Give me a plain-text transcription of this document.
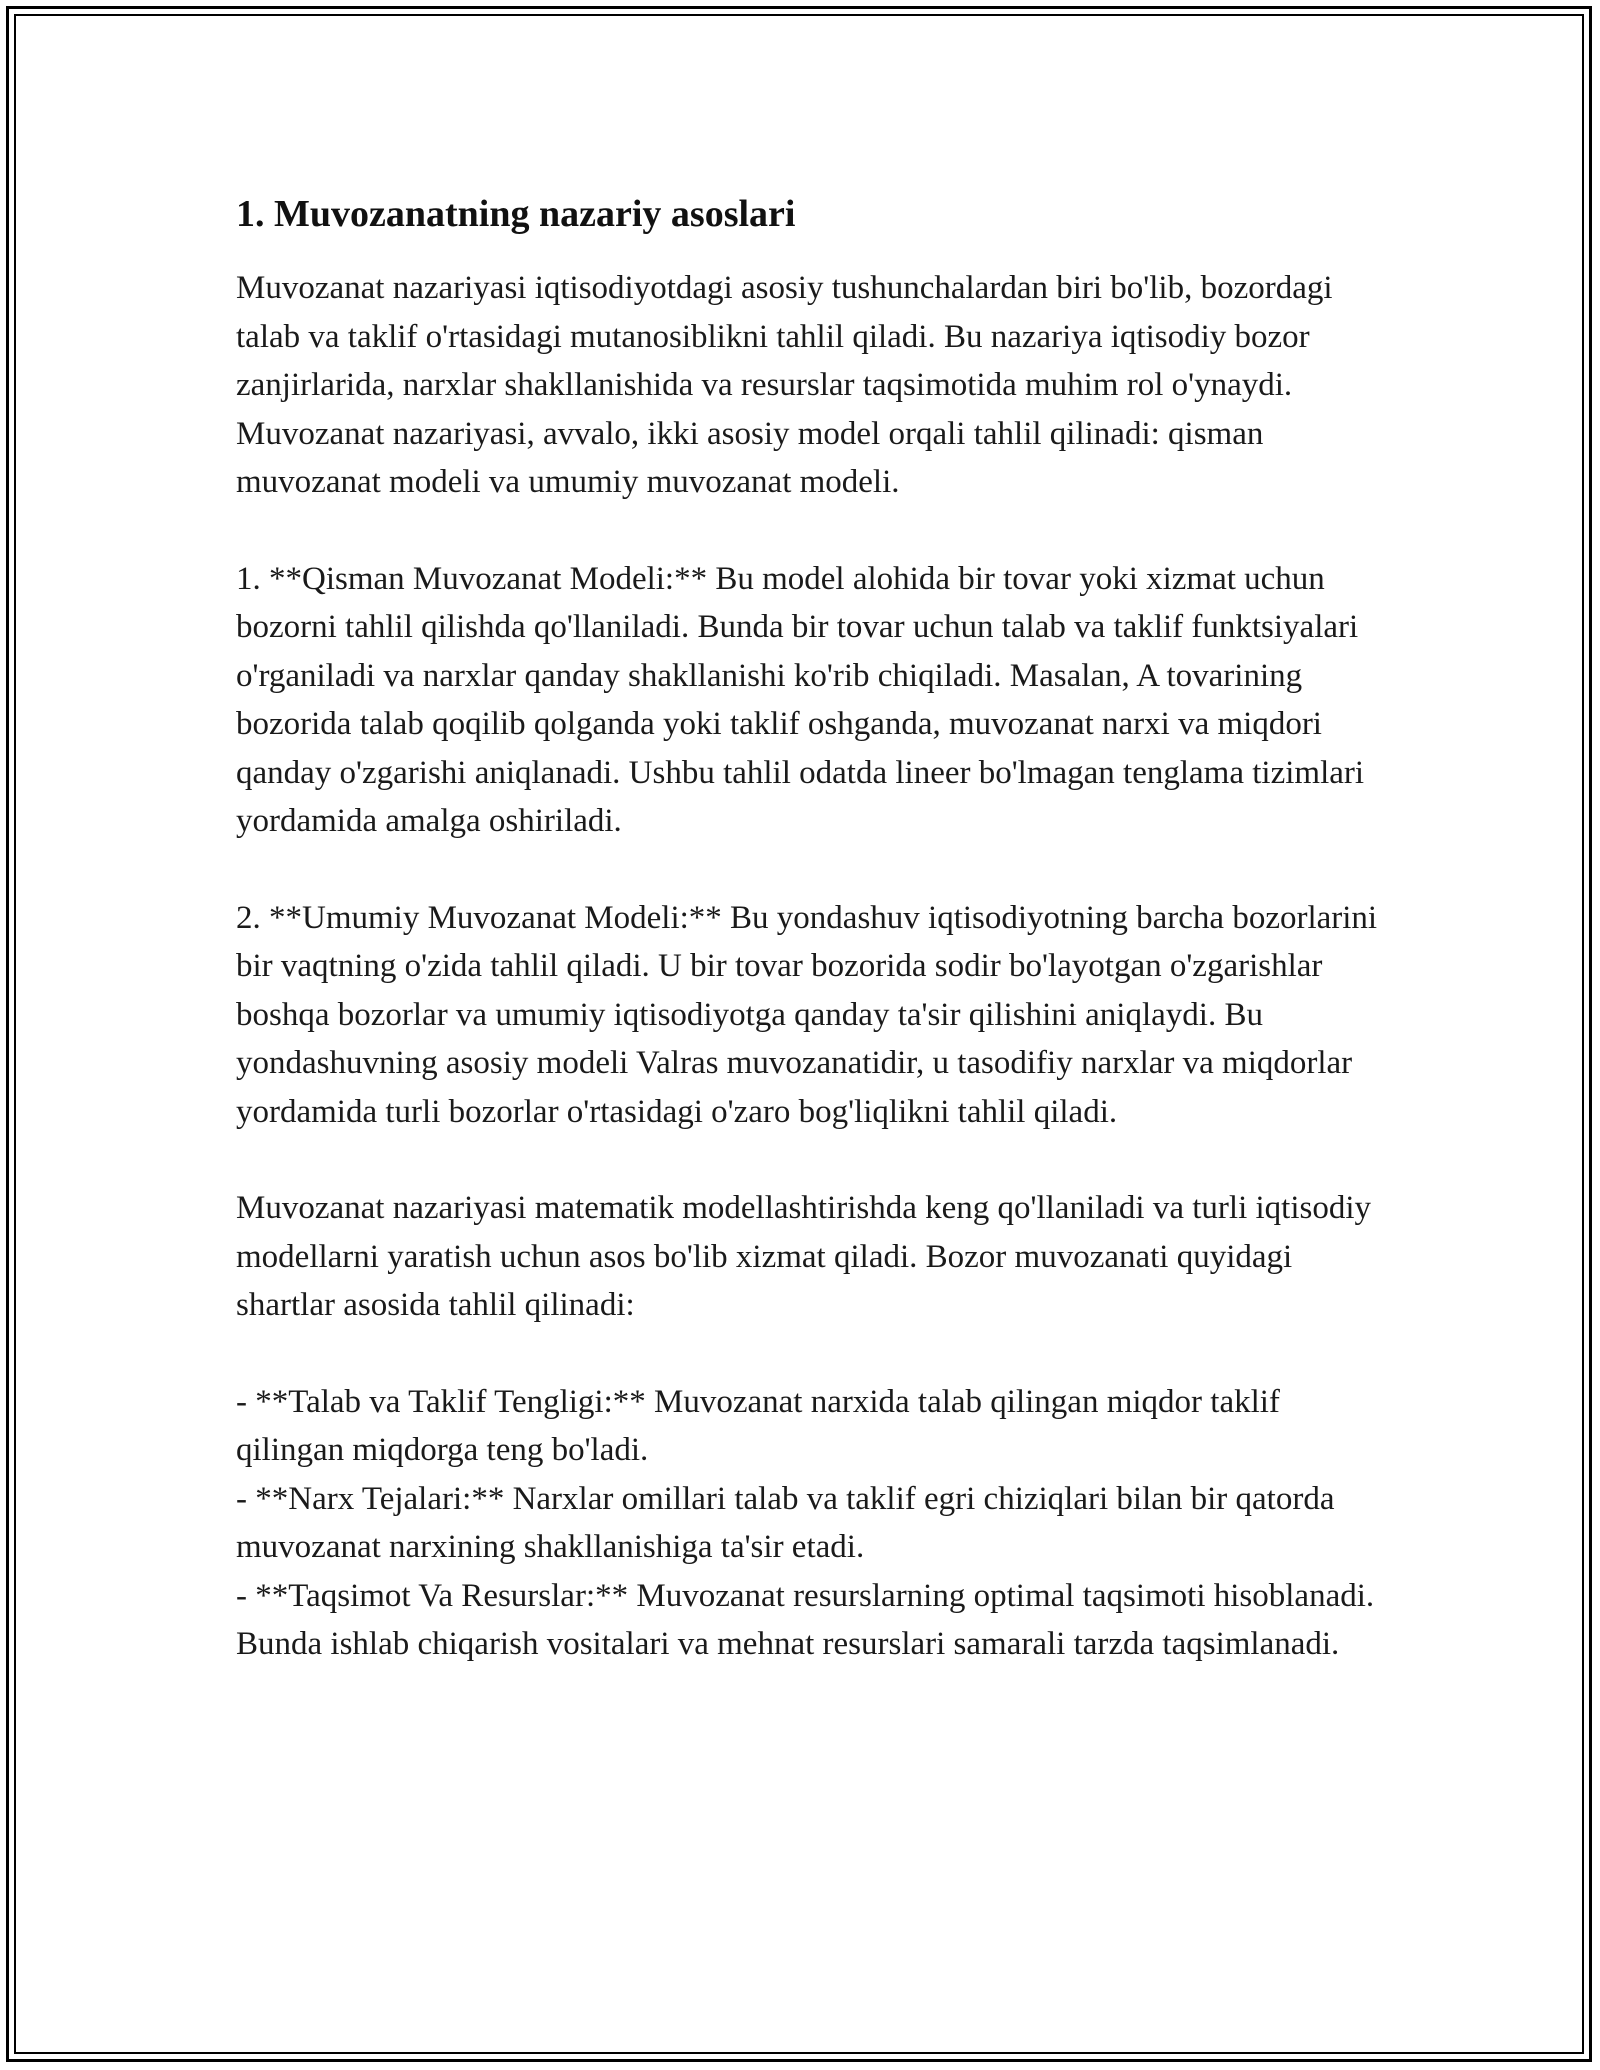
1. Muvozanatning nazariy asoslari

Muvozanat nazariyasi iqtisodiyotdagi asosiy tushunchalardan biri bo'lib, bozordagi talab va taklif o'rtasidagi mutanosiblikni tahlil qiladi. Bu nazariya iqtisodiy bozor zanjirlarida, narxlar shakllanishida va resurslar taqsimotida muhim rol o'ynaydi. Muvozanat nazariyasi, avvalo, ikki asosiy model orqali tahlil qilinadi: qisman muvozanat modeli va umumiy muvozanat modeli.

1. **Qisman Muvozanat Modeli:** Bu model alohida bir tovar yoki xizmat uchun bozorni tahlil qilishda qo'llaniladi. Bunda bir tovar uchun talab va taklif funktsiyalari o'rganiladi va narxlar qanday shakllanishi ko'rib chiqiladi. Masalan, A tovarining bozorida talab qoqilib qolganda yoki taklif oshganda, muvozanat narxi va miqdori qanday o'zgarishi aniqlanadi. Ushbu tahlil odatda lineer bo'lmagan tenglama tizimlari yordamida amalga oshiriladi.

2. **Umumiy Muvozanat Modeli:** Bu yondashuv iqtisodiyotning barcha bozorlarini bir vaqtning o'zida tahlil qiladi. U bir tovar bozorida sodir bo'layotgan o'zgarishlar boshqa bozorlar va umumiy iqtisodiyotga qanday ta'sir qilishini aniqlaydi. Bu yondashuvning asosiy modeli Valras muvozanatidir, u tasodifiy narxlar va miqdorlar yordamida turli bozorlar o'rtasidagi o'zaro bog'liqlikni tahlil qiladi.

Muvozanat nazariyasi matematik modellashtirishda keng qo'llaniladi va turli iqtisodiy modellarni yaratish uchun asos bo'lib xizmat qiladi. Bozor muvozanati quyidagi shartlar asosida tahlil qilinadi:

- **Talab va Taklif Tengligi:** Muvozanat narxida talab qilingan miqdor taklif qilingan miqdorga teng bo'ladi.
- **Narx Tejalari:** Narxlar omillari talab va taklif egri chiziqlari bilan bir qatorda muvozanat narxining shakllanishiga ta'sir etadi.
- **Taqsimot Va Resurslar:** Muvozanat resurslarning optimal taqsimoti hisoblanadi. Bunda ishlab chiqarish vositalari va mehnat resurslari samarali tarzda taqsimlanadi.
